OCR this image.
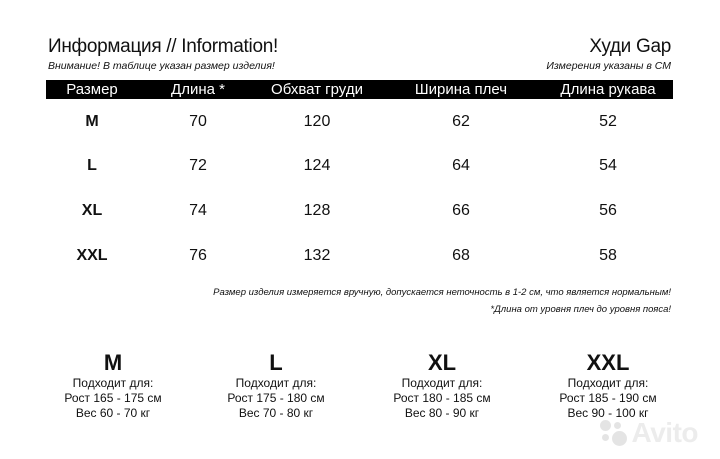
Информация // Information!	Худи Gap
Внимание! В таблице указан размер изделия!	Измерения указаны в СМ
Размер	Длина *	Обхват груди	Ширина плеч	Длина рукава
M	70	120	62	52
L	72	124	64	54
XL	74	128	66	56
XXL	76	132	68	58
Размер изделия измеряется вручную, допускается неточность в 1-2 см, что является нормальным!
*Длина от уровня плеч до уровня пояса!
M
Подходит для:
Рост 165 - 175 см
Вес 60 - 70 кг
L
Подходит для:
Рост 175 - 180 см
Вес 70 - 80 кг
XL
Подходит для:
Рост 180 - 185 см
Вес 80 - 90 кг
XXL
Подходит для:
Рост 185 - 190 см
Вес 90 - 100 кг
Avito
